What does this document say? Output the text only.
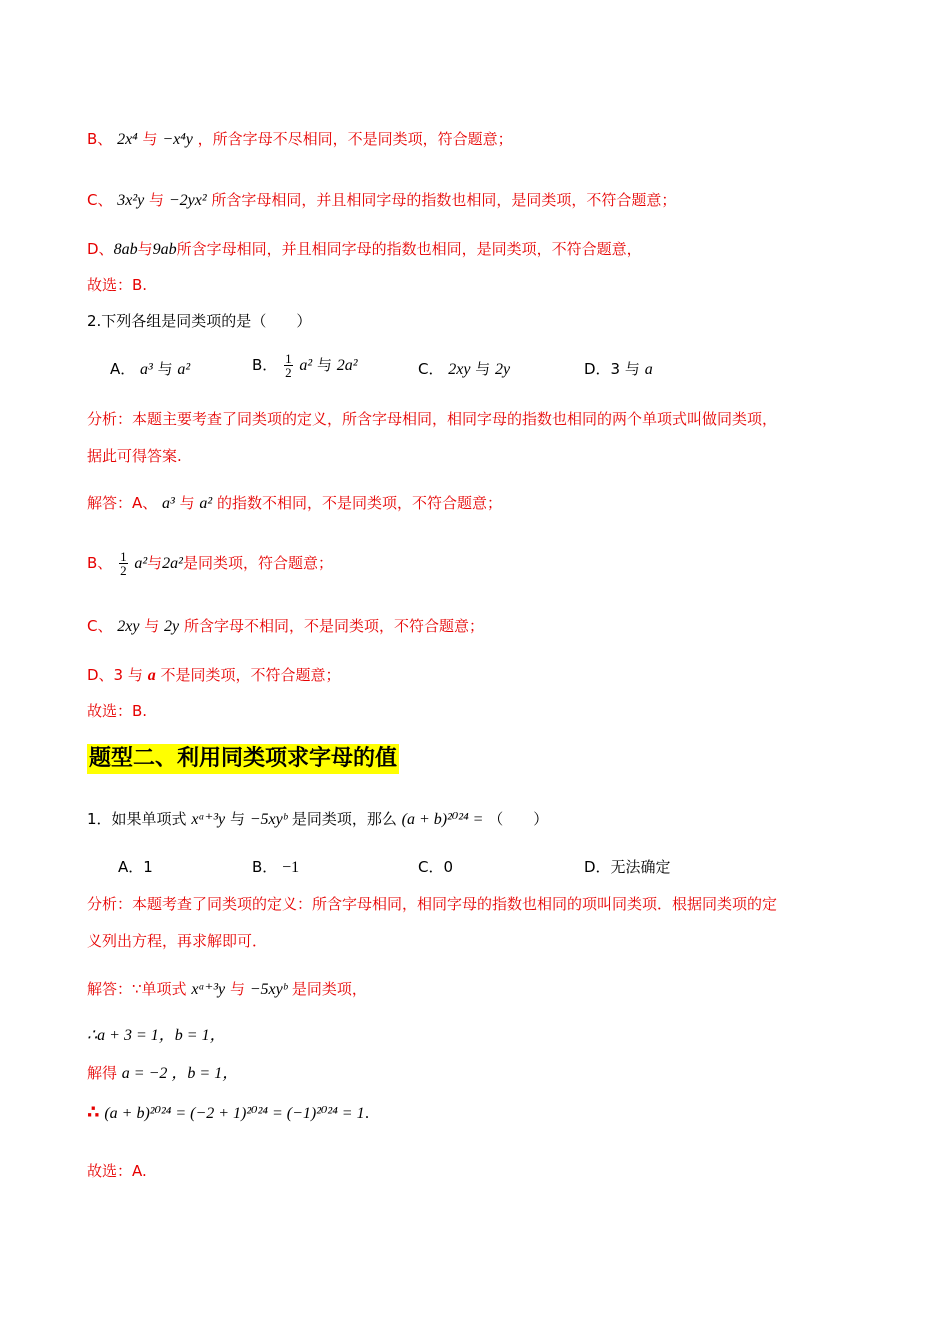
B、 2x⁴ 与 −x⁴y ，所含字母不尽相同，不是同类项，符合题意；
C、 3x²y 与 −2yx² 所含字母相同，并且相同字母的指数也相同，是同类项，不符合题意；
D、8ab与9ab所含字母相同，并且相同字母的指数也相同，是同类项，不符合题意，
故选：B.
2.下列各组是同类项的是（　　）
A． a³ 与 a²	B． $\frac{1}{2} a^2$ 与 2a²	C． 2xy 与 2y	D．3 与 a
分析：本题主要考查了同类项的定义，所含字母相同，相同字母的指数也相同的两个单项式叫做同类项，
据此可得答案.
解答：A、 a³ 与 a² 的指数不相同，不是同类项，不符合题意；
B、 $\frac{1}{2} a^2$与2a²是同类项，符合题意；
C、 2xy 与 2y 所含字母不相同，不是同类项，不符合题意；
D、3 与 a 不是同类项，不符合题意；
故选：B.
题型二、利用同类项求字母的值
1．如果单项式 xᵃ⁺³y 与 −5xyᵇ 是同类项，那么 (a + b)²⁰²⁴ = （　　）
A．1	B． −1	C．0	D．无法确定
分析：本题考查了同类项的定义：所含字母相同，相同字母的指数也相同的项叫同类项．根据同类项的定
义列出方程，再求解即可．
解答：∵单项式 xᵃ⁺³y 与 −5xyᵇ 是同类项，
∴a + 3 = 1，b = 1，
解得 a = −2 ，b = 1，
∴ (a + b)²⁰²⁴ = (−2 + 1)²⁰²⁴ = (−1)²⁰²⁴ = 1.
故选：A.
